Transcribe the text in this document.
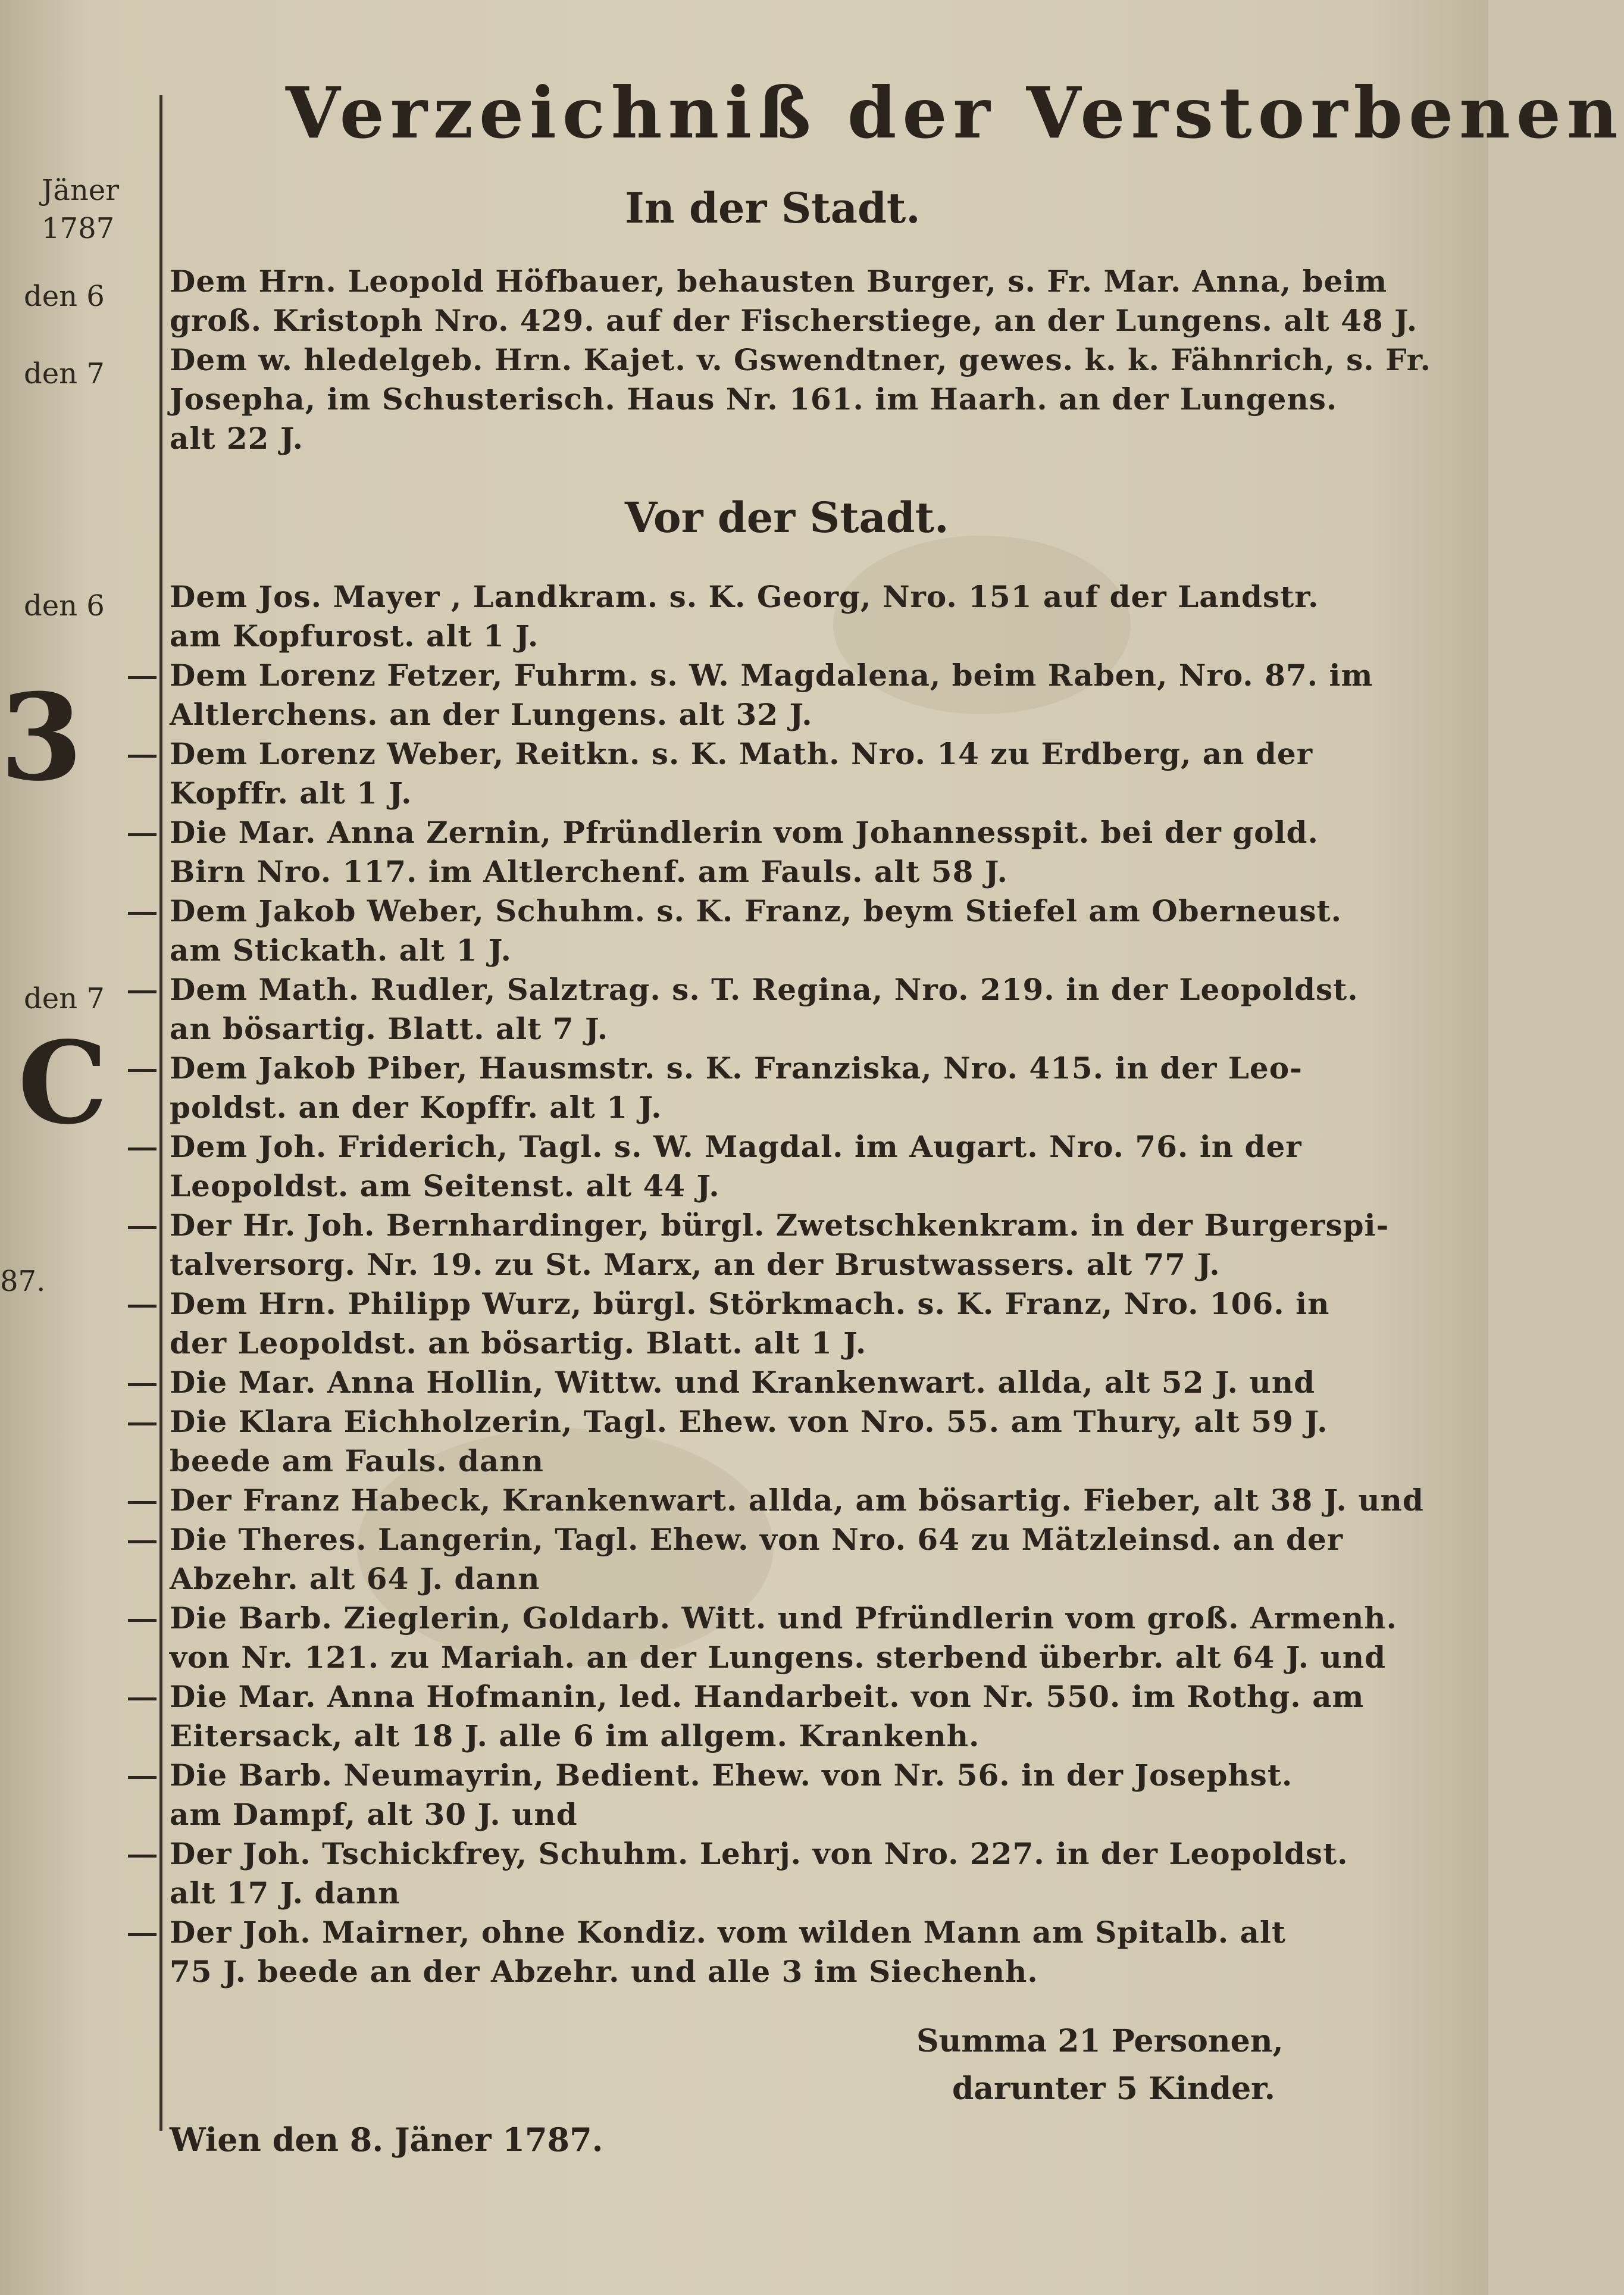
Jäner
1787
den 6
den 7
den 6
den 7
87.
3
C
Verzeichniß der Verstorbenen
In der Stadt.
Dem Hrn. Leopold Höfbauer, behausten Burger, s. Fr. Mar. Anna, beim
groß. Kristoph Nro. 429. auf der Fischerstiege, an der Lungens. alt 48 J.
Dem w. hledelgeb. Hrn. Kajet. v. Gswendtner, gewes. k. k. Fähnrich, s. Fr.
Josepha, im Schusterisch. Haus Nr. 161. im Haarh. an der Lungens.
alt 22 J.
Vor der Stadt.
Dem Jos. Mayer , Landkram. s. K. Georg, Nro. 151 auf der Landstr.
am Kopfurost. alt 1 J.
Dem Lorenz Fetzer, Fuhrm. s. W. Magdalena, beim Raben, Nro. 87. im
Altlerchens. an der Lungens. alt 32 J.
Dem Lorenz Weber, Reitkn. s. K. Math. Nro. 14 zu Erdberg, an der
Kopffr. alt 1 J.
Die Mar. Anna Zernin, Pfründlerin vom Johannesspit. bei der gold.
Birn Nro. 117. im Altlerchenf. am Fauls. alt 58 J.
Dem Jakob Weber, Schuhm. s. K. Franz, beym Stiefel am Oberneust.
am Stickath. alt 1 J.
Dem Math. Rudler, Salztrag. s. T. Regina, Nro. 219. in der Leopoldst.
an bösartig. Blatt. alt 7 J.
Dem Jakob Piber, Hausmstr. s. K. Franziska, Nro. 415. in der Leo-
poldst. an der Kopffr. alt 1 J.
Dem Joh. Friderich, Tagl. s. W. Magdal. im Augart. Nro. 76. in der
Leopoldst. am Seitenst. alt 44 J.
Der Hr. Joh. Bernhardinger, bürgl. Zwetschkenkram. in der Burgerspi-
talversorg. Nr. 19. zu St. Marx, an der Brustwassers. alt 77 J.
Dem Hrn. Philipp Wurz, bürgl. Störkmach. s. K. Franz, Nro. 106. in
der Leopoldst. an bösartig. Blatt. alt 1 J.
Die Mar. Anna Hollin, Wittw. und Krankenwart. allda, alt 52 J. und
Die Klara Eichholzerin, Tagl. Ehew. von Nro. 55. am Thury, alt 59 J.
beede am Fauls. dann
Der Franz Habeck, Krankenwart. allda, am bösartig. Fieber, alt 38 J. und
Die Theres. Langerin, Tagl. Ehew. von Nro. 64 zu Mätzleinsd. an der
Abzehr. alt 64 J. dann
Die Barb. Zieglerin, Goldarb. Witt. und Pfründlerin vom groß. Armenh.
von Nr. 121. zu Mariah. an der Lungens. sterbend überbr. alt 64 J. und
Die Mar. Anna Hofmanin, led. Handarbeit. von Nr. 550. im Rothg. am
Eitersack, alt 18 J. alle 6 im allgem. Krankenh.
Die Barb. Neumayrin, Bedient. Ehew. von Nr. 56. in der Josephst.
am Dampf, alt 30 J. und
Der Joh. Tschickfrey, Schuhm. Lehrj. von Nro. 227. in der Leopoldst.
alt 17 J. dann
Der Joh. Mairner, ohne Kondiz. vom wilden Mann am Spitalb. alt
75 J. beede an der Abzehr. und alle 3 im Siechenh.
Summa 21 Personen,
darunter 5 Kinder.
Wien den 8. Jäner 1787.
